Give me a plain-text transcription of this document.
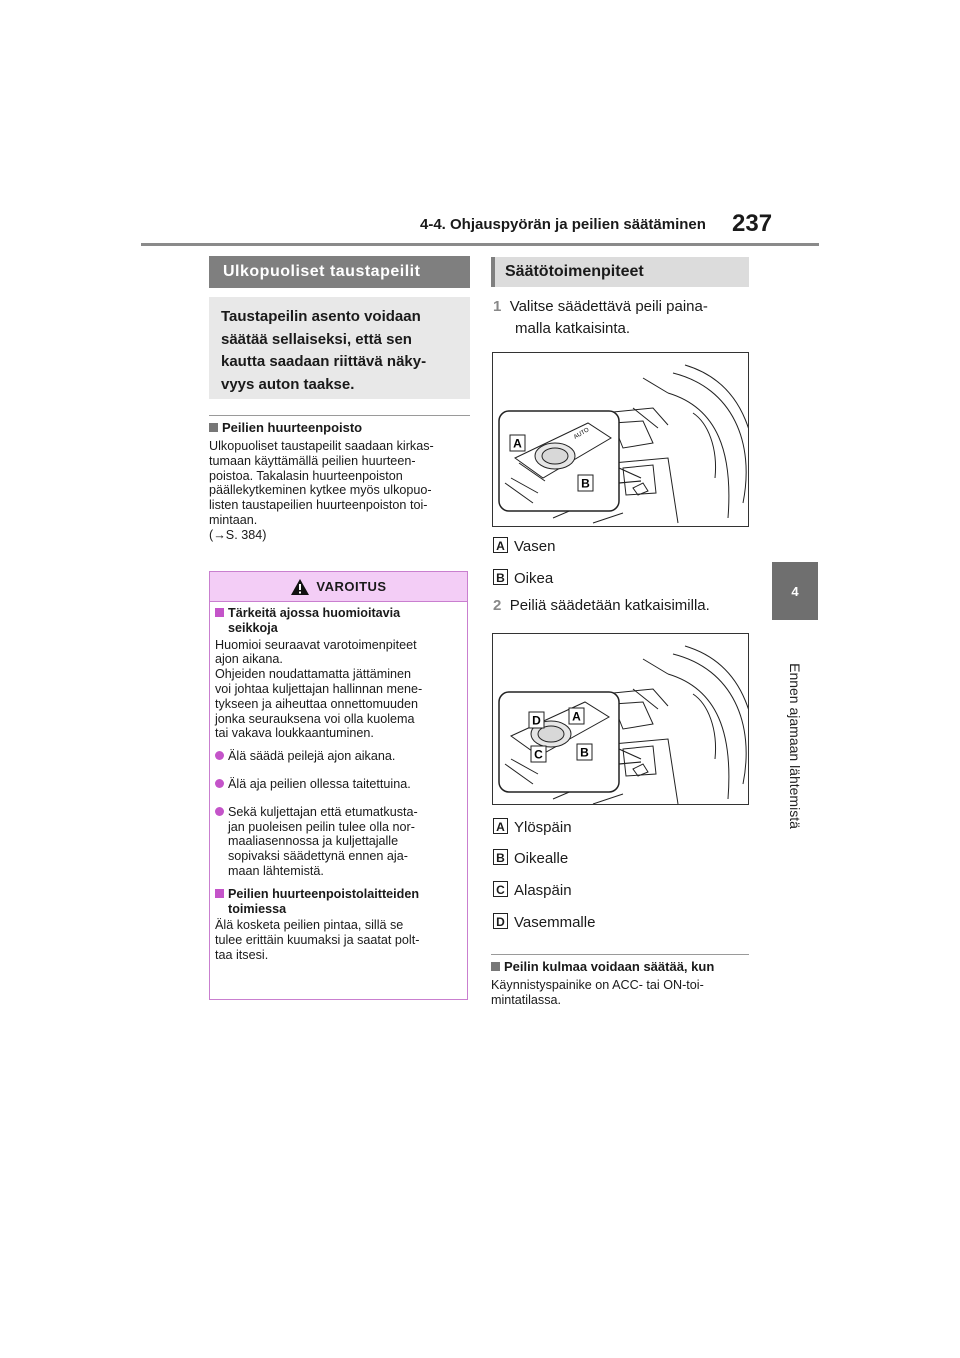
4-4. Ohjauspyörän ja peilien säätäminen 237
4
Ennen ajamaan lähtemistä
Ulkopuoliset taustapeilit
Taustapeilin asento voidaan
säätää sellaiseksi, että sen
kautta saadaan riittävä näky-
vyys auton taakse.
Peilien huurteenpoisto
Ulkopuoliset taustapeilit saadaan kirkas-
tumaan käyttämällä peilien huurteen-
poistoa. Takalasin huurteenpoiston
päällekytkeminen kytkee myös ulkopuo-
listen taustapeilien huurteenpoiston toi-
mintaan.
(→S. 384)
VAROITUS
Tärkeitä ajossa huomioitavia
seikkoja
Huomioi seuraavat varotoimenpiteet
ajon aikana.
Ohjeiden noudattamatta jättäminen
voi johtaa kuljettajan hallinnan mene-
tykseen ja aiheuttaa onnettomuuden
jonka seurauksena voi olla kuolema
tai vakava loukkaantuminen.
Älä säädä peilejä ajon aikana.
Älä aja peilien ollessa taitettuina.
Sekä kuljettajan että etumatkusta-
jan puoleisen peilin tulee olla nor-
maaliasennossa ja kuljettajalle
sopivaksi säädettynä ennen aja-
maan lähtemistä.
Peilien huurteenpoistolaitteiden
toimiessa
Älä kosketa peilien pintaa, sillä se
tulee erittäin kuumaksi ja saatat polt-
taa itsesi.
Säätötoimenpiteet
1 Valitse säädettävä peili paina-
malla katkaisinta.
AUTO
A
B
A Vasen
B Oikea
2 Peiliä säädetään katkaisimilla.
D	A
C	B
A Ylöspäin
B Oikealle
C Alaspäin
D Vasemmalle
Peilin kulmaa voidaan säätää, kun
Käynnistyspainike on ACC- tai ON-toi-
mintatilassa.
